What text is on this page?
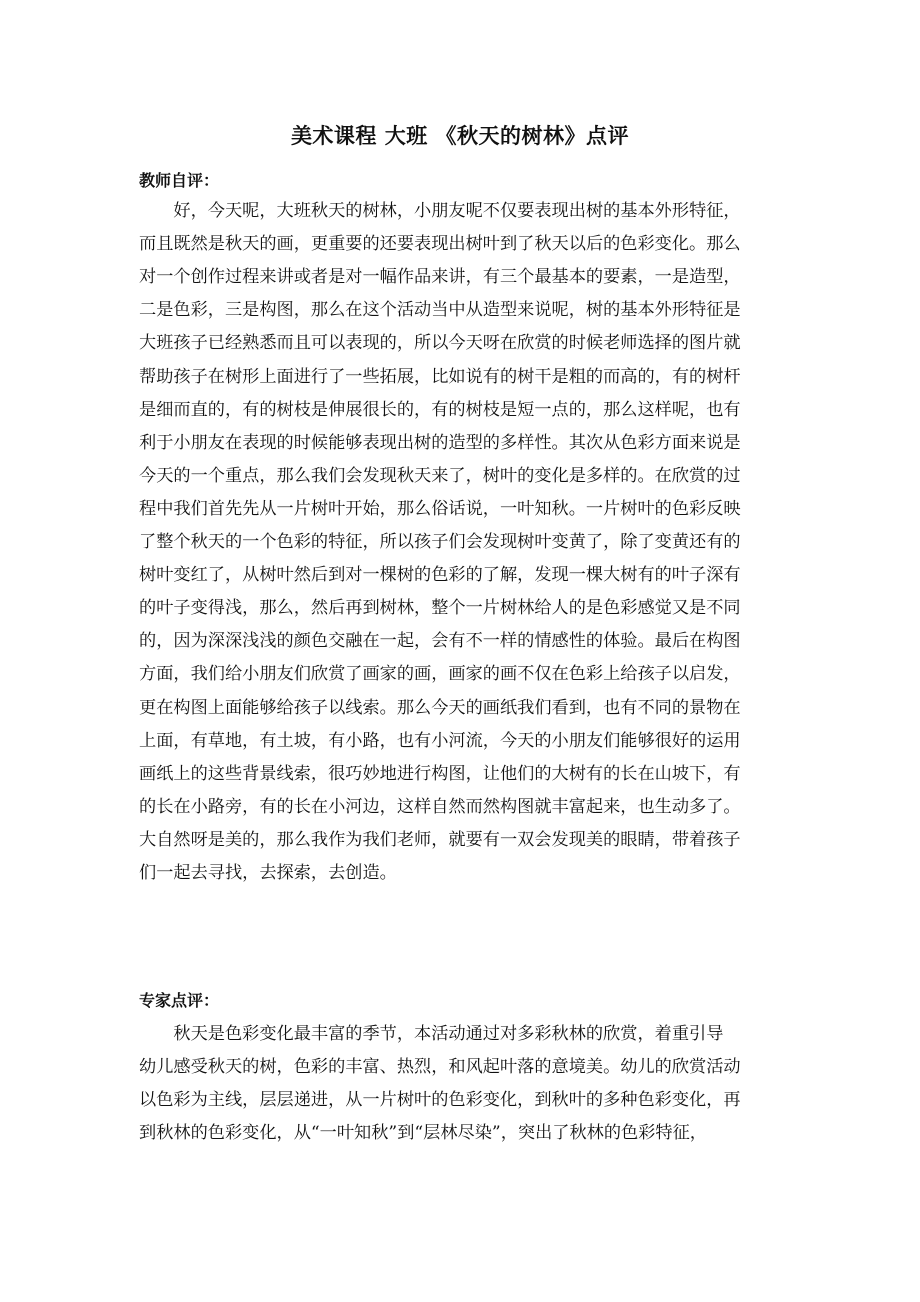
美术课程 大班 《秋天的树林》点评
教师自评：
　　好，今天呢，大班秋天的树林，小朋友呢不仅要表现出树的基本外形特征，
而且既然是秋天的画，更重要的还要表现出树叶到了秋天以后的色彩变化。那么
对一个创作过程来讲或者是对一幅作品来讲，有三个最基本的要素，一是造型，
二是色彩，三是构图，那么在这个活动当中从造型来说呢，树的基本外形特征是
大班孩子已经熟悉而且可以表现的，所以今天呀在欣赏的时候老师选择的图片就
帮助孩子在树形上面进行了一些拓展，比如说有的树干是粗的而高的，有的树杆
是细而直的，有的树枝是伸展很长的，有的树枝是短一点的，那么这样呢，也有
利于小朋友在表现的时候能够表现出树的造型的多样性。其次从色彩方面来说是
今天的一个重点，那么我们会发现秋天来了，树叶的变化是多样的。在欣赏的过
程中我们首先先从一片树叶开始，那么俗话说，一叶知秋。一片树叶的色彩反映
了整个秋天的一个色彩的特征，所以孩子们会发现树叶变黄了，除了变黄还有的
树叶变红了，从树叶然后到对一棵树的色彩的了解，发现一棵大树有的叶子深有
的叶子变得浅，那么，然后再到树林，整个一片树林给人的是色彩感觉又是不同
的，因为深深浅浅的颜色交融在一起，会有不一样的情感性的体验。最后在构图
方面，我们给小朋友们欣赏了画家的画，画家的画不仅在色彩上给孩子以启发，
更在构图上面能够给孩子以线索。那么今天的画纸我们看到，也有不同的景物在
上面，有草地，有土坡，有小路，也有小河流，今天的小朋友们能够很好的运用
画纸上的这些背景线索，很巧妙地进行构图，让他们的大树有的长在山坡下，有
的长在小路旁，有的长在小河边，这样自然而然构图就丰富起来，也生动多了。
大自然呀是美的，那么我作为我们老师，就要有一双会发现美的眼睛，带着孩子
们一起去寻找，去探索，去创造。
专家点评：
　　秋天是色彩变化最丰富的季节，本活动通过对多彩秋林的欣赏，着重引导
幼儿感受秋天的树，色彩的丰富、热烈，和风起叶落的意境美。幼儿的欣赏活动
以色彩为主线，层层递进，从一片树叶的色彩变化，到秋叶的多种色彩变化，再
到秋林的色彩变化，从“一叶知秋”到“层林尽染”，突出了秋林的色彩特征，
